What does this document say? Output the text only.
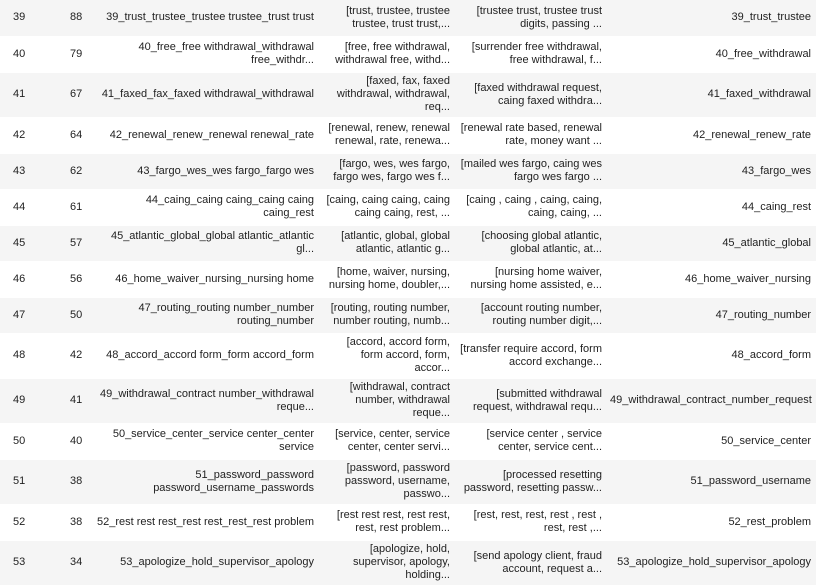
39	88	39_trust_trustee_trustee trustee_trust trust	[trust, trustee, trustee trustee, trust trust,...	[trustee trust, trustee trust digits, passing ...	39_trust_trustee
40	79	40_free_free withdrawal_withdrawal free_withdr...	[free, free withdrawal, withdrawal free, withd...	[surrender free withdrawal, free withdrawal, f...	40_free_withdrawal
41	67	41_faxed_fax_faxed withdrawal_withdrawal	[faxed, fax, faxed withdrawal, withdrawal, req...	[faxed withdrawal request, caing faxed withdra...	41_faxed_withdrawal
42	64	42_renewal_renew_renewal renewal_rate	[renewal, renew, renewal renewal, rate, renewa...	[renewal rate based, renewal rate, money want ...	42_renewal_renew_rate
43	62	43_fargo_wes_wes fargo_fargo wes	[fargo, wes, wes fargo, fargo wes, fargo wes f...	[mailed wes fargo, caing wes fargo wes fargo ...	43_fargo_wes
44	61	44_caing_caing caing_caing caing caing_rest	[caing, caing caing, caing caing caing, rest, ...	[caing , caing , caing, caing, caing, caing, ...	44_caing_rest
45	57	45_atlantic_global_global atlantic_atlantic gl...	[atlantic, global, global atlantic, atlantic g...	[choosing global atlantic, global atlantic, at...	45_atlantic_global
46	56	46_home_waiver_nursing_nursing home	[home, waiver, nursing, nursing home, doubler,...	[nursing home waiver, nursing home assisted, e...	46_home_waiver_nursing
47	50	47_routing_routing number_number routing_number	[routing, routing number, number routing, numb...	[account routing number, routing number digit,...	47_routing_number
48	42	48_accord_accord form_form accord_form	[accord, accord form, form accord, form, accor...	[transfer require accord, form accord exchange...	48_accord_form
49	41	49_withdrawal_contract number_withdrawal reque...	[withdrawal, contract number, withdrawal reque...	[submitted withdrawal request, withdrawal requ...	49_withdrawal_contract_number_request
50	40	50_service_center_service center_center service	[service, center, service center, center servi...	[service center , service center, service cent...	50_service_center
51	38	51_password_password password_username_passwords	[password, password password, username, passwo...	[processed resetting password, resetting passw...	51_password_username
52	38	52_rest rest rest_rest rest_rest_rest problem	[rest rest rest, rest rest, rest, rest problem...	[rest, rest, rest, rest , rest , rest, rest ,...	52_rest_problem
53	34	53_apologize_hold_supervisor_apology	[apologize, hold, supervisor, apology, holding...	[send apology client, fraud account, request a...	53_apologize_hold_supervisor_apology
